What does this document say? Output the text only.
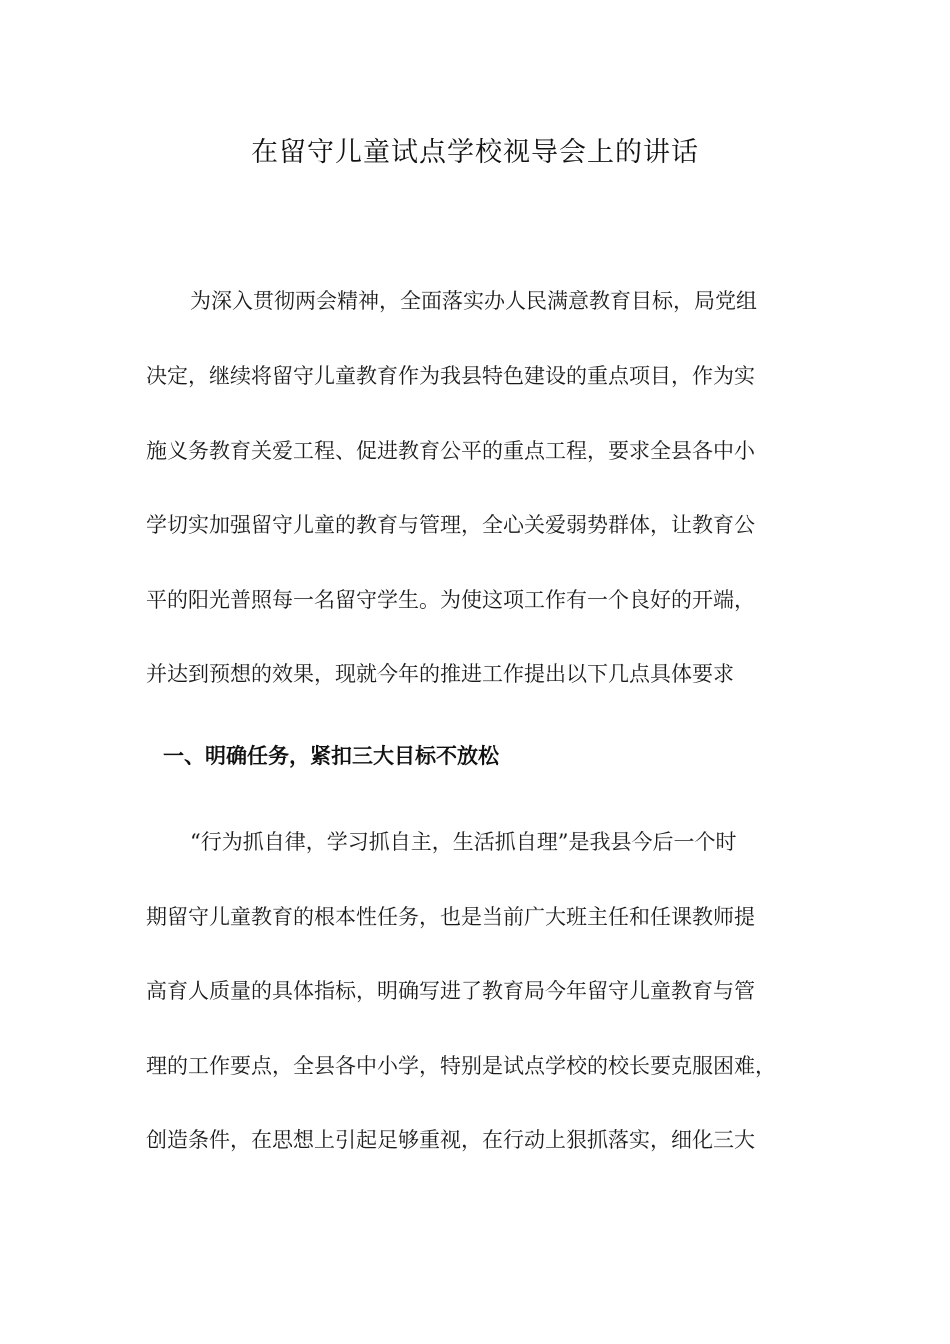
在留守儿童试点学校视导会上的讲话
为深入贯彻两会精神，全面落实办人民满意教育目标，局党组
决定，继续将留守儿童教育作为我县特色建设的重点项目，作为实
施义务教育关爱工程、促进教育公平的重点工程，要求全县各中小
学切实加强留守儿童的教育与管理，全心关爱弱势群体，让教育公
平的阳光普照每一名留守学生。为使这项工作有一个良好的开端，
并达到预想的效果，现就今年的推进工作提出以下几点具体要求
一、明确任务，紧扣三大目标不放松
“行为抓自律，学习抓自主，生活抓自理”是我县今后一个时
期留守儿童教育的根本性任务，也是当前广大班主任和任课教师提
高育人质量的具体指标，明确写进了教育局今年留守儿童教育与管
理的工作要点，全县各中小学，特别是试点学校的校长要克服困难，
创造条件，在思想上引起足够重视，在行动上狠抓落实，细化三大
